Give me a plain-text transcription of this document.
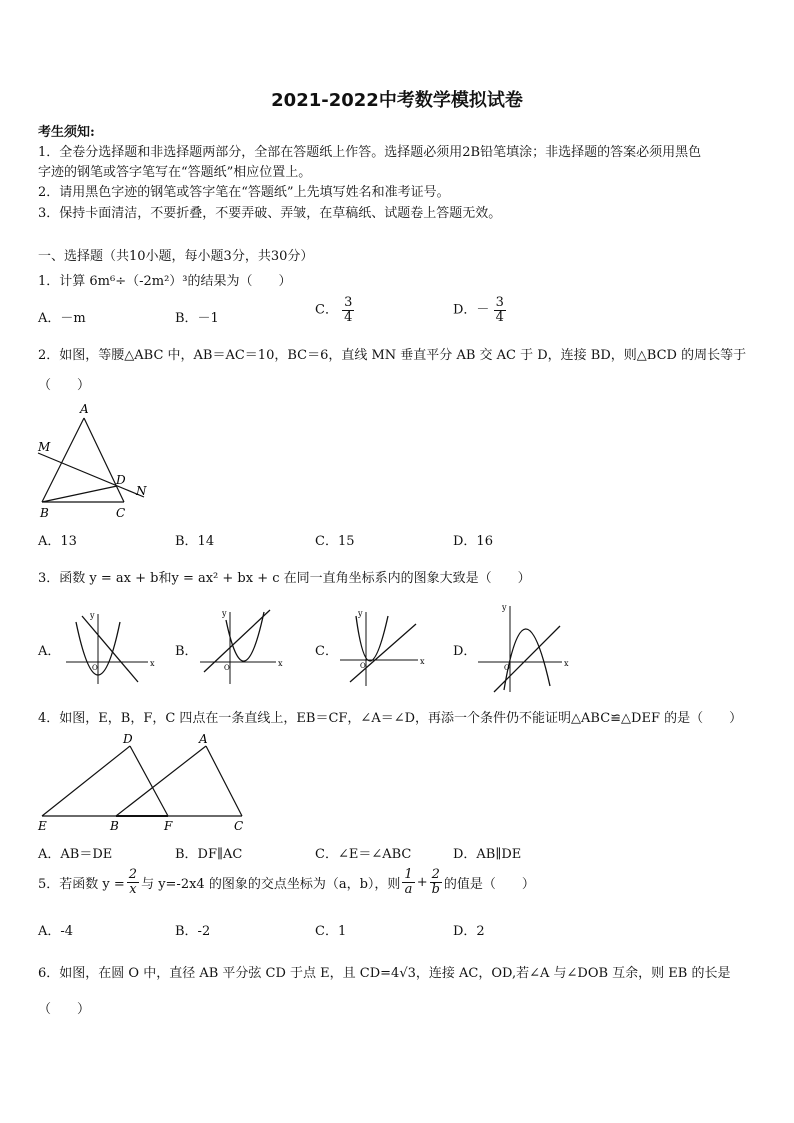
2021-2022中考数学模拟试卷
考生须知:
1．全卷分选择题和非选择题两部分，全部在答题纸上作答。选择题必须用2B铅笔填涂；非选择题的答案必须用黑色
字迹的钢笔或答字笔写在“答题纸”相应位置上。
2．请用黑色字迹的钢笔或答字笔在“答题纸”上先填写姓名和准考证号。
3．保持卡面清洁，不要折叠，不要弄破、弄皱，在草稿纸、试题卷上答题无效。
一、选择题（共10小题，每小题3分，共30分）
1．计算 6m⁶÷（-2m²）³的结果为（　　）
A．－m	B．－1
C． $\frac{3}{4}$	D．－ $\frac{3}{4}$
2．如图，等腰△ABC 中，AB＝AC＝10，BC＝6，直线 MN 垂直平分 AB 交 AC 于 D，连接 BD，则△BCD 的周长等于
（　　）
A
M
D
N
B	C
A．13	B．14	C．15	D．16
3．函数 y = ax + b和y = ax² + bx + c 在同一直角坐标系内的图象大致是（　　）
A．
x
y
O
B．
x
y
O
C．
x
y
O
D．
x
y
O
4．如图，E，B，F，C 四点在一条直线上，EB＝CF，∠A＝∠D，再添一个条件仍不能证明△ABC≌△DEF 的是（　　）
D	A
E	B	F	C
A．AB＝DE	B．DF∥AC	C．∠E＝∠ABC	D．AB∥DE
5．若函数 $y = \frac{2}{x}$ 与 y=-2x4 的图象的交点坐标为（a，b），则 $\frac{1}{a} + \frac{2}{b}$ 的值是（　　）
A．-4	B．-2	C．1	D．2
6．如图，在圆 O 中，直径 AB 平分弦 CD 于点 E，且 CD=4√3，连接 AC，OD,若∠A 与∠DOB 互余，则 EB 的长是
（　　）
